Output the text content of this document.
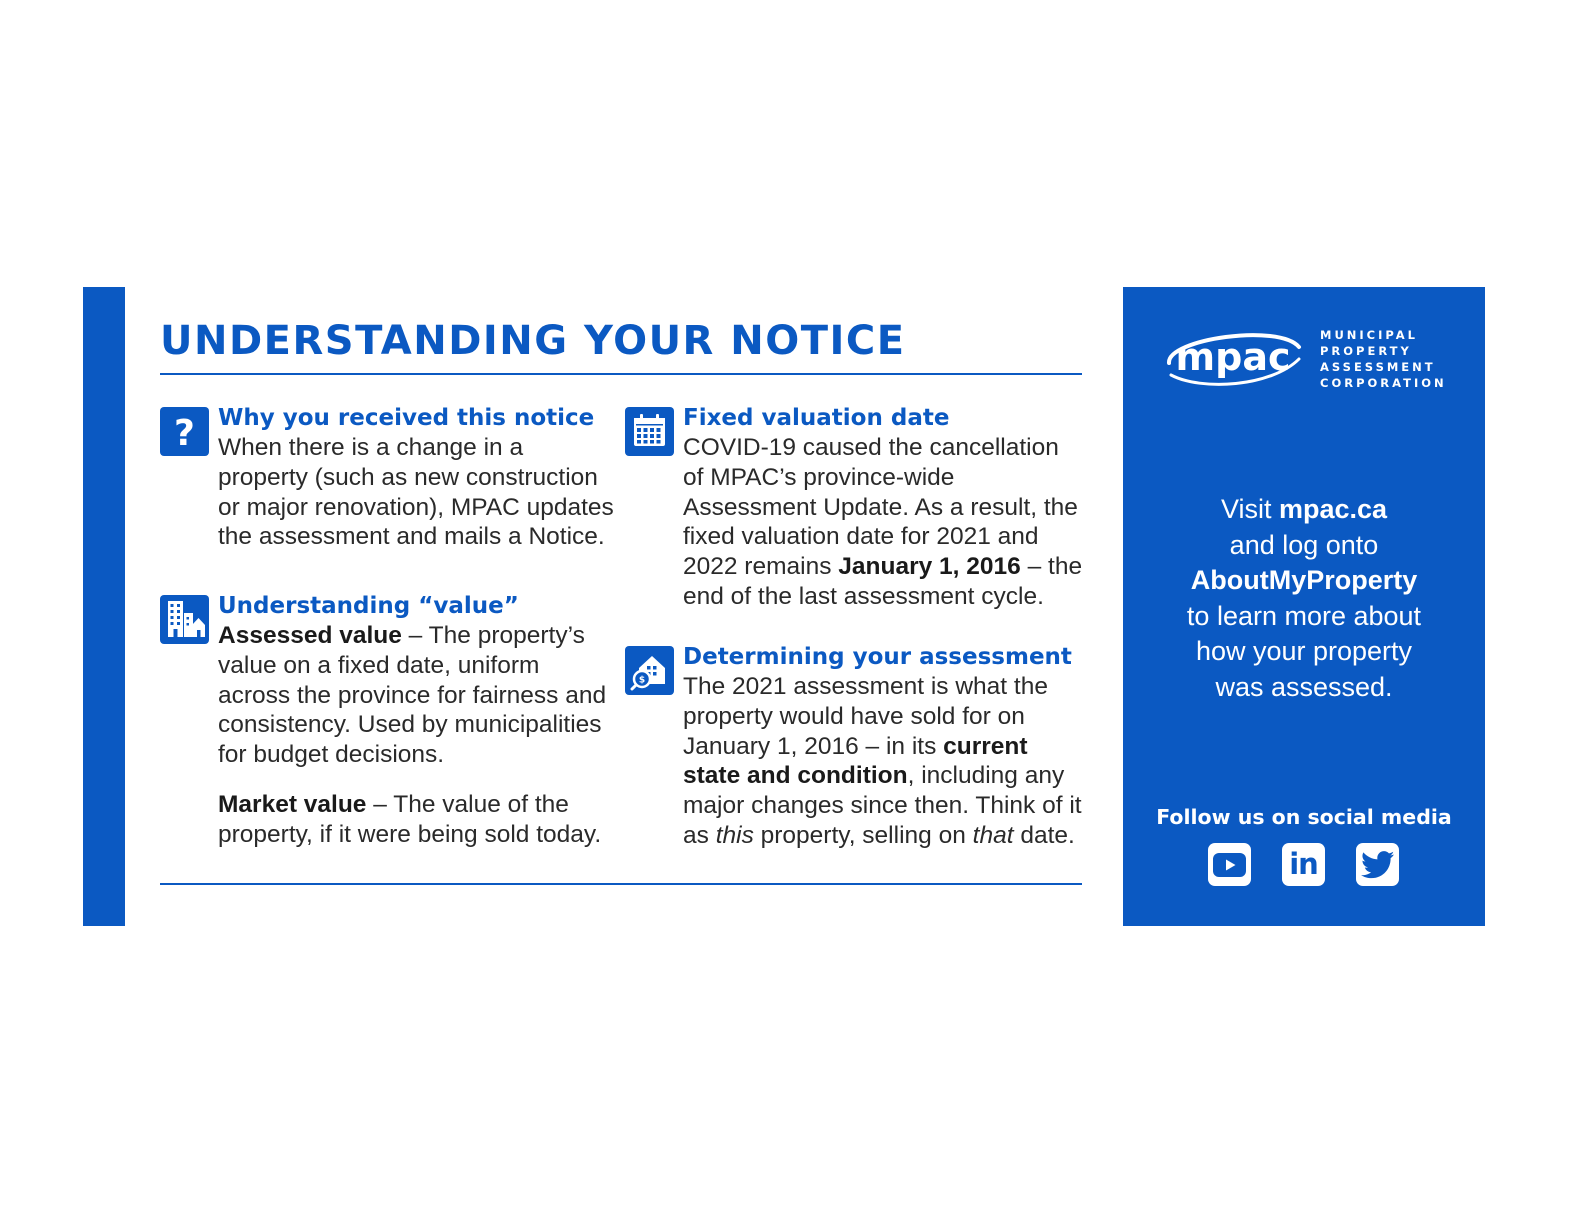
UNDERSTANDING YOUR NOTICE
? Why you received this notice

When there is a change in a property (such as new construction or major renovation), MPAC updates the assessment and mails a Notice.

Understanding “value”

Assessed value – The property’s value on a fixed date, uniform across the province for fairness and consistency. Used by municipalities for budget decisions.

Market value – The value of the property, if it were being sold today.

Fixed valuation date

COVID-19 caused the cancellation of MPAC’s province-wide Assessment Update. As a result, the fixed valuation date for 2021 and 2022 remains January 1, 2016 – the end of the last assessment cycle.

$
Determining your assessment

The 2021 assessment is what the property would have sold for on January 1, 2016 – in its current state and condition, including any major changes since then. Think of it as this property, selling on that date.

mpac	MUNICIPAL
PROPERTY
ASSESSMENT
CORPORATION
Visit mpac.ca
and log onto
AboutMyProperty
to learn more about
how your property
was assessed.
Follow us on social media
in
